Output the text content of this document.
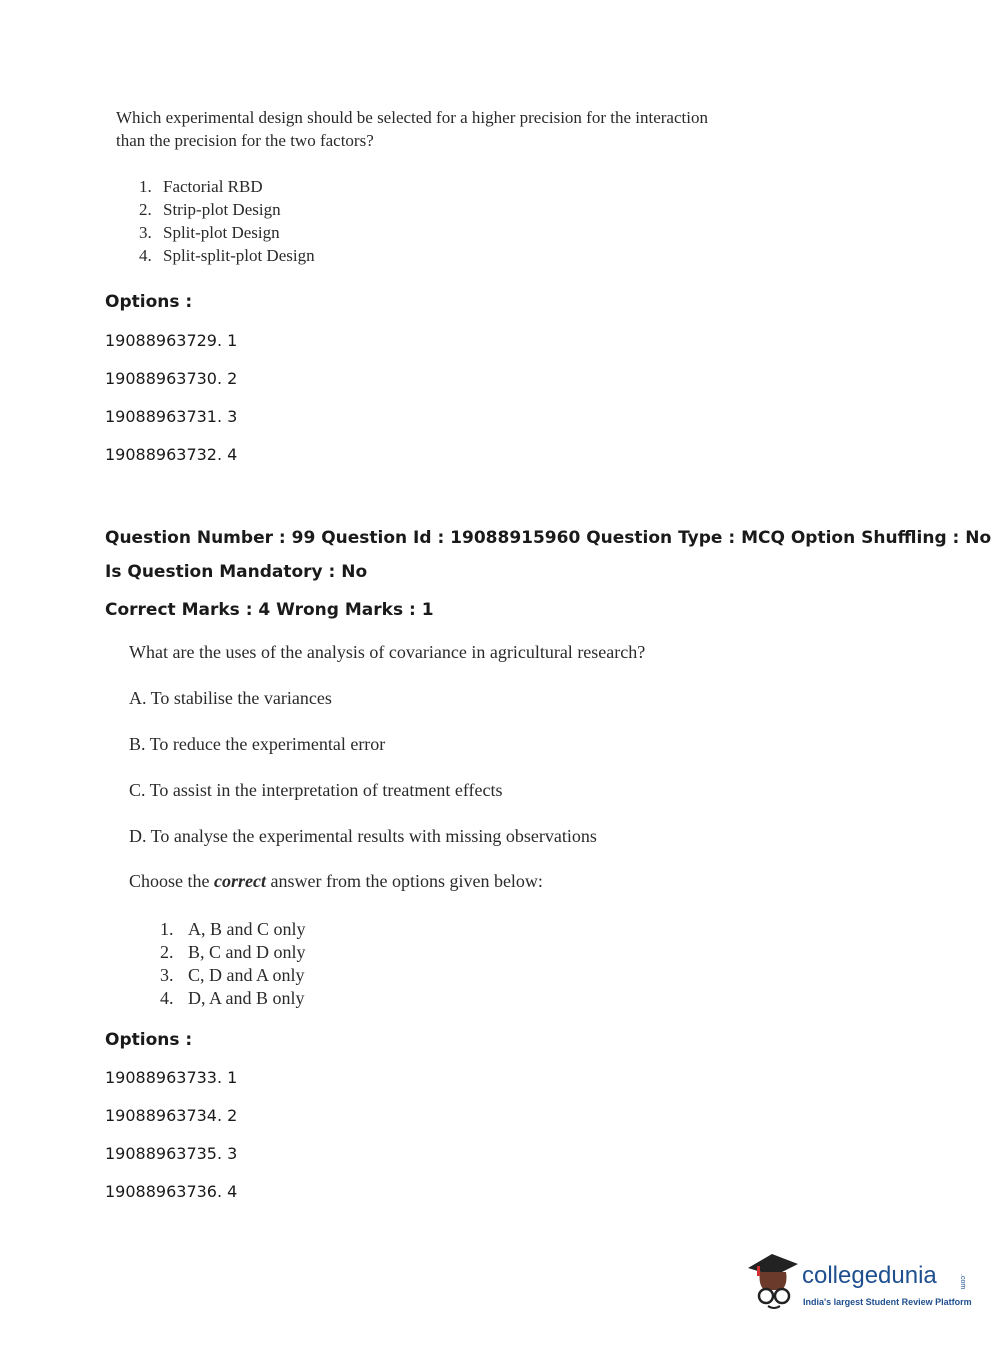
Which experimental design should be selected for a higher precision for the interaction than the precision for the two factors?
1. Factorial RBD
2. Strip-plot Design
3. Split-plot Design
4. Split-split-plot Design
Options :
19088963729. 1
19088963730. 2
19088963731. 3
19088963732. 4
Question Number : 99 Question Id : 19088915960 Question Type : MCQ Option Shuffling : No
Is Question Mandatory : No
Correct Marks : 4 Wrong Marks : 1
What are the uses of the analysis of covariance in agricultural research?
A. To stabilise the variances
B. To reduce the experimental error
C. To assist in the interpretation of treatment effects
D. To analyse the experimental results with missing observations
Choose the correct answer from the options given below:
1. A, B and C only
2. B, C and D only
3. C, D and A only
4. D, A and B only
Options :
19088963733. 1
19088963734. 2
19088963735. 3
19088963736. 4
collegedunia	.com
India's largest Student Review Platform
